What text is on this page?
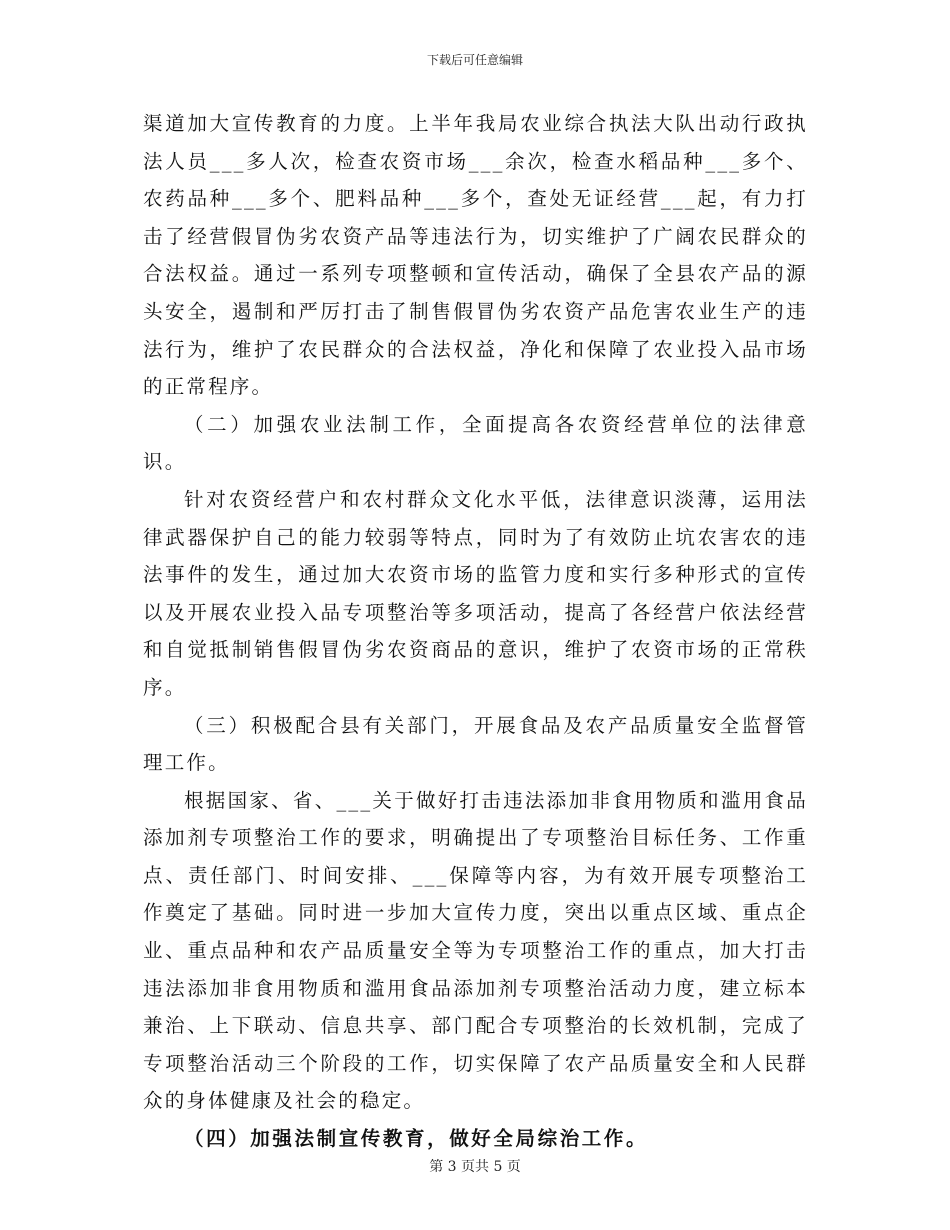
下载后可任意编辑

渠道加大宣传教育的力度。上半年我局农业综合执法大队出动行政执法人员___多人次，检查农资市场___余次，检查水稻品种___多个、农药品种___多个、肥料品种___多个，查处无证经营___起，有力打击了经营假冒伪劣农资产品等违法行为，切实维护了广阔农民群众的合法权益。通过一系列专项整顿和宣传活动，确保了全县农产品的源头安全，遏制和严厉打击了制售假冒伪劣农资产品危害农业生产的违法行为，维护了农民群众的合法权益，净化和保障了农业投入品市场的正常程序。

（二）加强农业法制工作，全面提高各农资经营单位的法律意识。

针对农资经营户和农村群众文化水平低，法律意识淡薄，运用法律武器保护自己的能力较弱等特点，同时为了有效防止坑农害农的违法事件的发生，通过加大农资市场的监管力度和实行多种形式的宣传以及开展农业投入品专项整治等多项活动，提高了各经营户依法经营和自觉抵制销售假冒伪劣农资商品的意识，维护了农资市场的正常秩序。

（三）积极配合县有关部门，开展食品及农产品质量安全监督管理工作。

根据国家、省、___关于做好打击违法添加非食用物质和滥用食品添加剂专项整治工作的要求，明确提出了专项整治目标任务、工作重点、责任部门、时间安排、___保障等内容，为有效开展专项整治工作奠定了基础。同时进一步加大宣传力度，突出以重点区域、重点企业、重点品种和农产品质量安全等为专项整治工作的重点，加大打击违法添加非食用物质和滥用食品添加剂专项整治活动力度，建立标本兼治、上下联动、信息共享、部门配合专项整治的长效机制，完成了专项整治活动三个阶段的工作，切实保障了农产品质量安全和人民群众的身体健康及社会的稳定。

（四）加强法制宣传教育，做好全局综治工作。

第 3 页共 5 页
